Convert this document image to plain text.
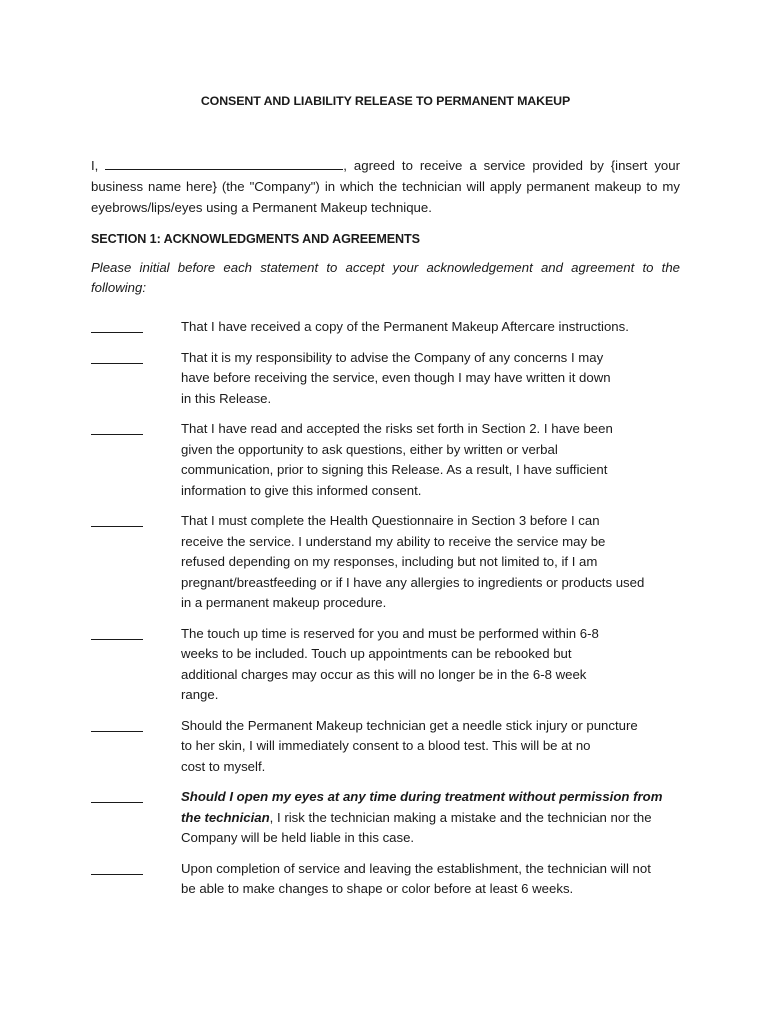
CONSENT AND LIABILITY RELEASE TO PERMANENT MAKEUP
I,	, agreed to receive a service provided by {insert your business name here} (the "Company") in which the technician will apply permanent makeup to my eyebrows/lips/eyes using a Permanent Makeup technique.
SECTION 1: ACKNOWLEDGMENTS AND AGREEMENTS
Please initial before each statement to accept your acknowledgement and agreement to the following:
That I have received a copy of the Permanent Makeup Aftercare instructions.
That it is my responsibility to advise the Company of any concerns I may
have before receiving the service, even though I may have written it down
in this Release.
That I have read and accepted the risks set forth in Section 2. I have been
given the opportunity to ask questions, either by written or verbal
communication, prior to signing this Release. As a result, I have sufficient
information to give this informed consent.
That I must complete the Health Questionnaire in Section 3 before I can
receive the service. I understand my ability to receive the service may be
refused depending on my responses, including but not limited to, if I am
pregnant/breastfeeding or if I have any allergies to ingredients or products used
in a permanent makeup procedure.
The touch up time is reserved for you and must be performed within 6-8
weeks to be included. Touch up appointments can be rebooked but
additional charges may occur as this will no longer be in the 6-8 week
range.
Should the Permanent Makeup technician get a needle stick injury or puncture
to her skin, I will immediately consent to a blood test. This will be at no
cost to myself.
Should I open my eyes at any time during treatment without permission from
the technician, I risk the technician making a mistake and the technician nor the
Company will be held liable in this case.
Upon completion of service and leaving the establishment, the technician will not
be able to make changes to shape or color before at least 6 weeks.
